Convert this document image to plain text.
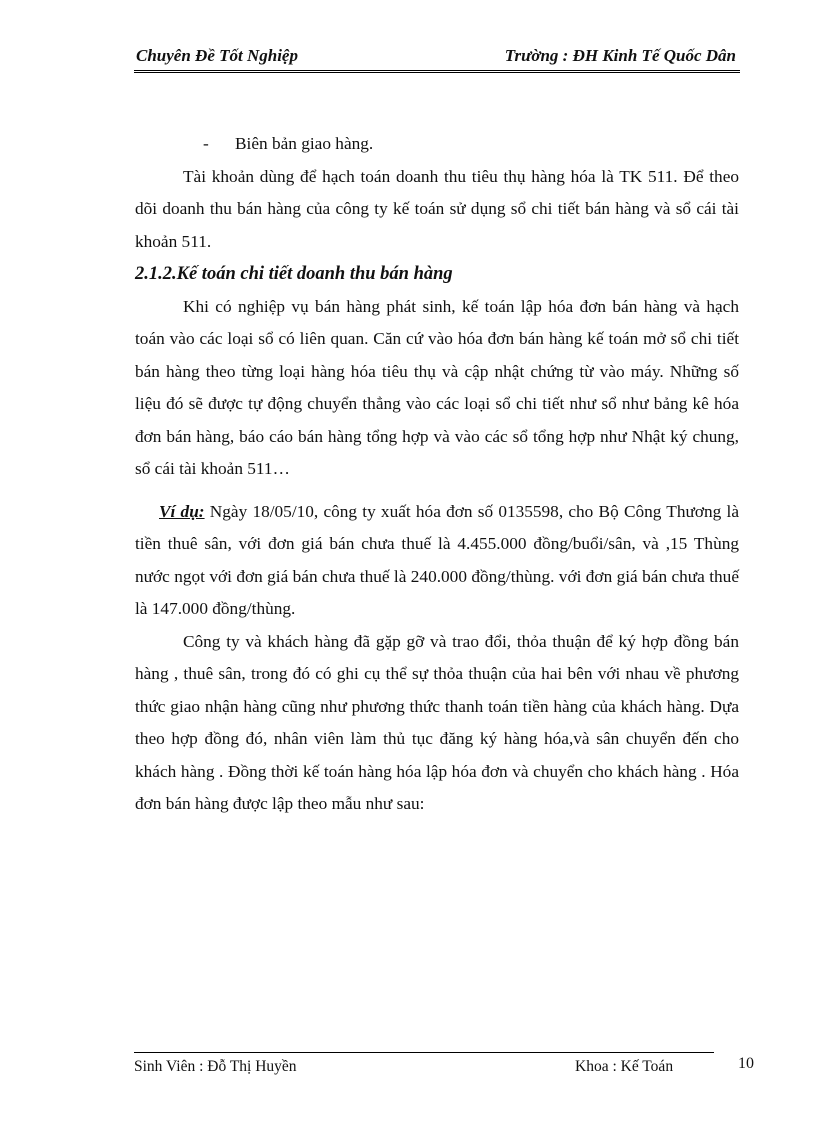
Chuyên Đề Tốt Nghiệp	Trường : ĐH Kinh Tế Quốc Dân

- Biên bản giao hàng.

Tài khoản dùng để hạch toán doanh thu tiêu thụ hàng hóa là TK 511. Để theo dõi doanh thu bán hàng của công ty kế toán sử dụng sổ chi tiết bán hàng và sổ cái tài khoản 511.

2.1.2.Kế toán chi tiết doanh thu bán hàng

Khi có nghiệp vụ bán hàng phát sinh, kế toán lập hóa đơn bán hàng và hạch toán vào các loại sổ có liên quan. Căn cứ vào hóa đơn bán hàng kế toán mở sổ chi tiết bán hàng theo từng loại hàng hóa tiêu thụ và cập nhật chứng từ vào máy. Những số liệu đó sẽ được tự động chuyển thẳng vào các loại sổ chi tiết như sổ như bảng kê hóa đơn bán hàng, báo cáo bán hàng tổng hợp và vào các sổ tổng hợp như Nhật ký chung, sổ cái tài khoản 511…

Ví dụ: Ngày 18/05/10, công ty xuất hóa đơn số 0135598, cho Bộ Công Thương là tiền thuê sân, với đơn giá bán chưa thuế là 4.455.000 đồng/buổi/sân, và ,15 Thùng nước ngọt với đơn giá bán chưa thuế là 240.000 đồng/thùng. với đơn giá bán chưa thuế là 147.000 đồng/thùng.

Công ty và khách hàng đã gặp gỡ và trao đổi, thỏa thuận để ký hợp đồng bán hàng , thuê sân, trong đó có ghi cụ thể sự thỏa thuận của hai bên với nhau về phương thức giao nhận hàng cũng như phương thức thanh toán tiền hàng của khách hàng. Dựa theo hợp đồng đó, nhân viên làm thủ tục đăng ký hàng hóa,và sân chuyển đến cho khách hàng . Đồng thời kế toán hàng hóa lập hóa đơn và chuyển cho khách hàng . Hóa đơn bán hàng được lập theo mẫu như sau:

Sinh Viên : Đỗ Thị Huyền	Khoa : Kế Toán	10
